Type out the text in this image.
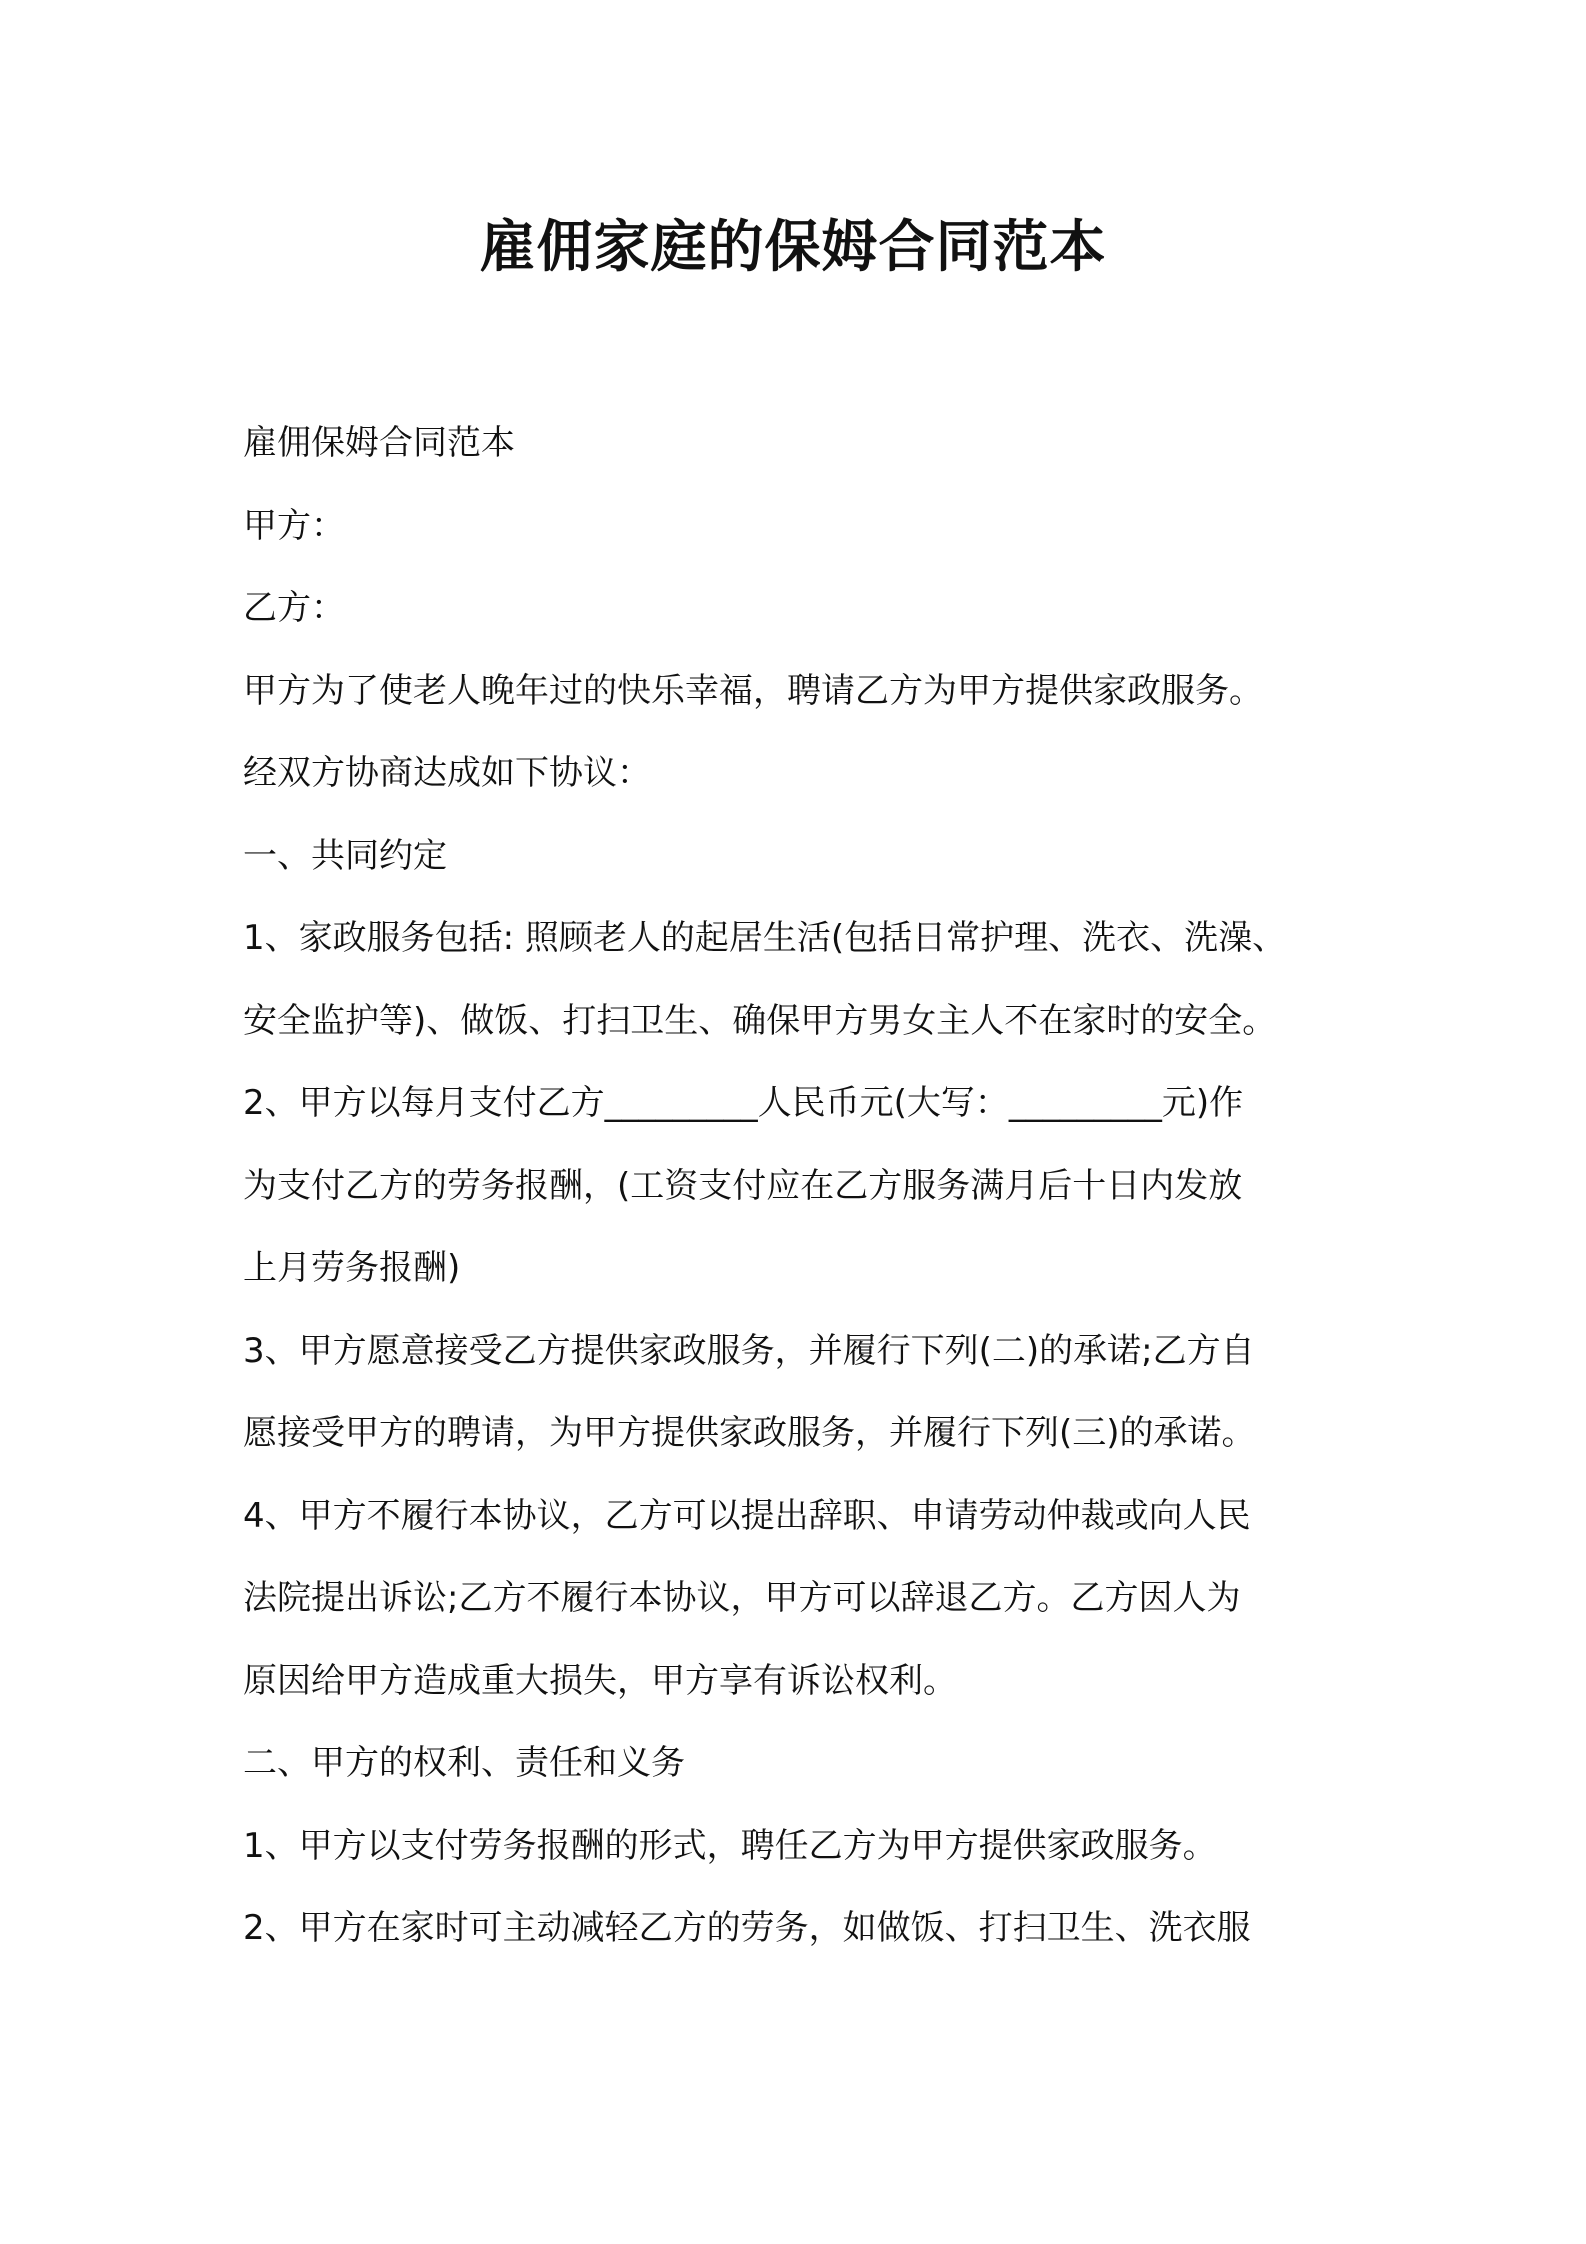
雇佣家庭的保姆合同范本

雇佣保姆合同范本

甲方：

乙方：

甲方为了使老人晚年过的快乐幸福，聘请乙方为甲方提供家政服务。

经双方协商达成如下协议：

一、共同约定

1、家政服务包括: 照顾老人的起居生活(包括日常护理、洗衣、洗澡、

安全监护等)、做饭、打扫卫生、确保甲方男女主人不在家时的安全。

2、甲方以每月支付乙方_________人民币元(大写：_________元)作

为支付乙方的劳务报酬，(工资支付应在乙方服务满月后十日内发放

上月劳务报酬)

3、甲方愿意接受乙方提供家政服务，并履行下列(二)的承诺;乙方自

愿接受甲方的聘请，为甲方提供家政服务，并履行下列(三)的承诺。

4、甲方不履行本协议，乙方可以提出辞职、申请劳动仲裁或向人民

法院提出诉讼;乙方不履行本协议，甲方可以辞退乙方。乙方因人为

原因给甲方造成重大损失，甲方享有诉讼权利。

二、甲方的权利、责任和义务

1、甲方以支付劳务报酬的形式，聘任乙方为甲方提供家政服务。

2、甲方在家时可主动减轻乙方的劳务，如做饭、打扫卫生、洗衣服
